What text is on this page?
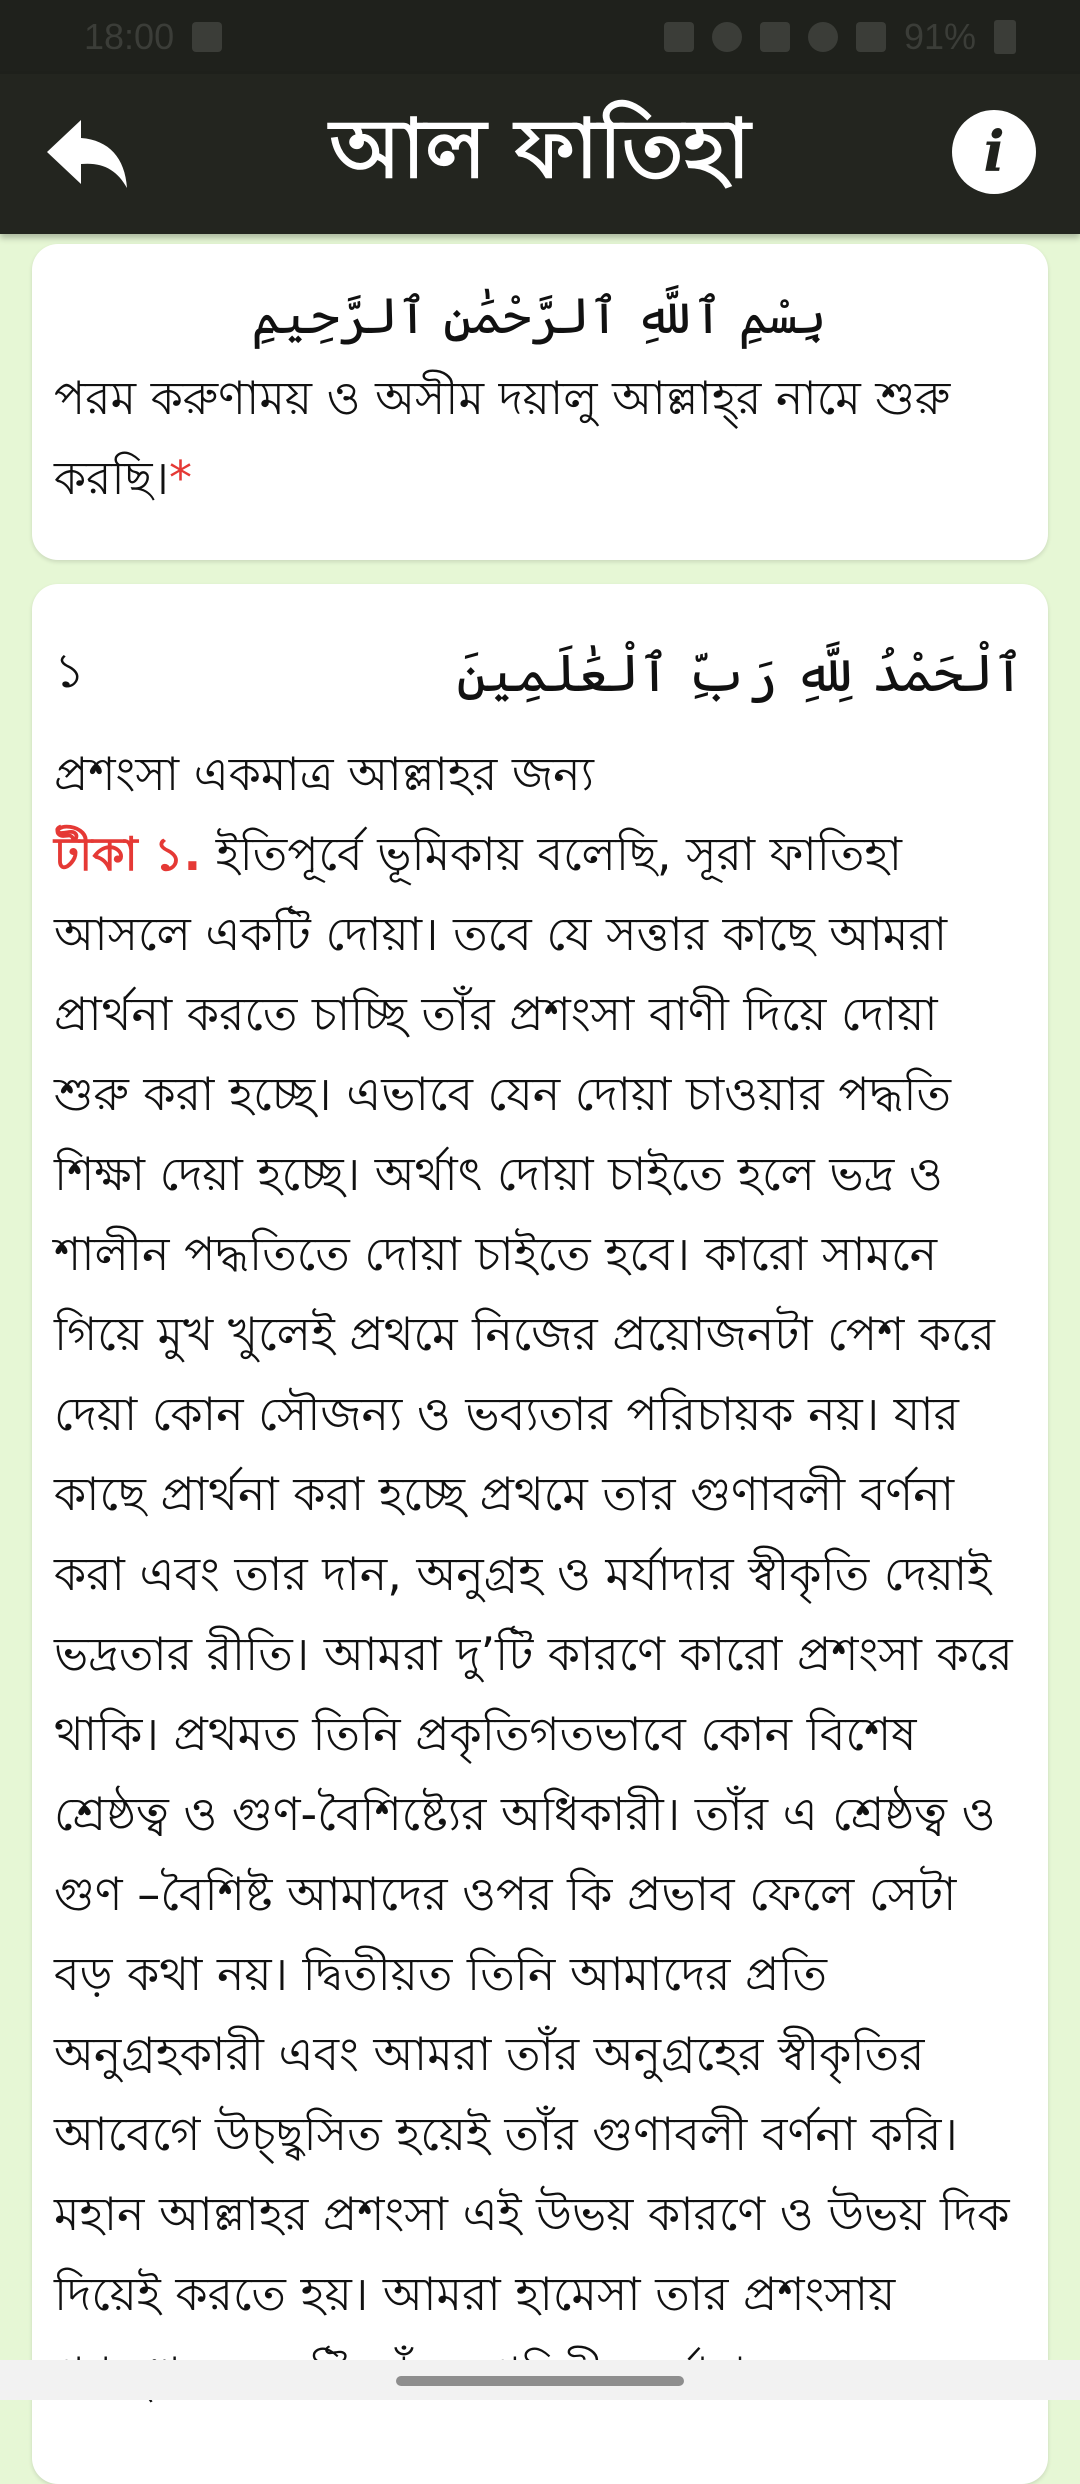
18:00	91%
আল ফাতিহা	i
بِسْمِ ٱللَّهِ ٱلرَّحْمَٰنِ ٱلرَّحِيمِ
পরম করুণাময় ও অসীম দয়ালু আল্লাহ্‌র নামে শুরু করছি।*
১	ٱلْحَمْدُ لِلَّهِ رَبِّ ٱلْعَٰلَمِينَ
প্রশংসা একমাত্র আল্লাহর জন্য
টীকা ১. ইতিপূর্বে ভূমিকায় বলেছি, সূরা ফাতিহা আসলে একটি দোয়া। তবে যে সত্তার কাছে আমরা প্রার্থনা করতে চাচ্ছি তাঁর প্রশংসা বাণী দিয়ে দোয়া শুরু করা হচ্ছে। এভাবে যেন দোয়া চাওয়ার পদ্ধতি শিক্ষা দেয়া হচ্ছে। অর্থাৎ দোয়া চাইতে হলে ভদ্র ও শালীন পদ্ধতিতে দোয়া চাইতে হবে। কারো সামনে গিয়ে মুখ খুলেই প্রথমে নিজের প্রয়োজনটা পেশ করে দেয়া কোন সৌজন্য ও ভব্যতার পরিচায়ক নয়। যার কাছে প্রার্থনা করা হচ্ছে প্রথমে তার গুণাবলী বর্ণনা করা এবং তার দান, অনুগ্রহ ও মর্যাদার স্বীকৃতি দেয়াই ভদ্রতার রীতি। আমরা দু’টি কারণে কারো প্রশংসা করে থাকি। প্রথমত তিনি প্রকৃতিগতভাবে কোন বিশেষ শ্রেষ্ঠত্ব ও গুণ-বৈশিষ্ট্যের অধিকারী। তাঁর এ শ্রেষ্ঠত্ব ও গুণ –বৈশিষ্ট আমাদের ওপর কি প্রভাব ফেলে সেটা বড় কথা নয়। দ্বিতীয়ত তিনি আমাদের প্রতি অনুগ্রহকারী এবং আমরা তাঁর অনুগ্রহের স্বীকৃতির আবেগে উচ্ছ্বসিত হয়েই তাঁর গুণাবলী বর্ণনা করি। মহান আল্লাহর প্রশংসা এই উভয় কারণে ও উভয় দিক দিয়েই করতে হয়। আমরা হামেসা তার প্রশংসায়
